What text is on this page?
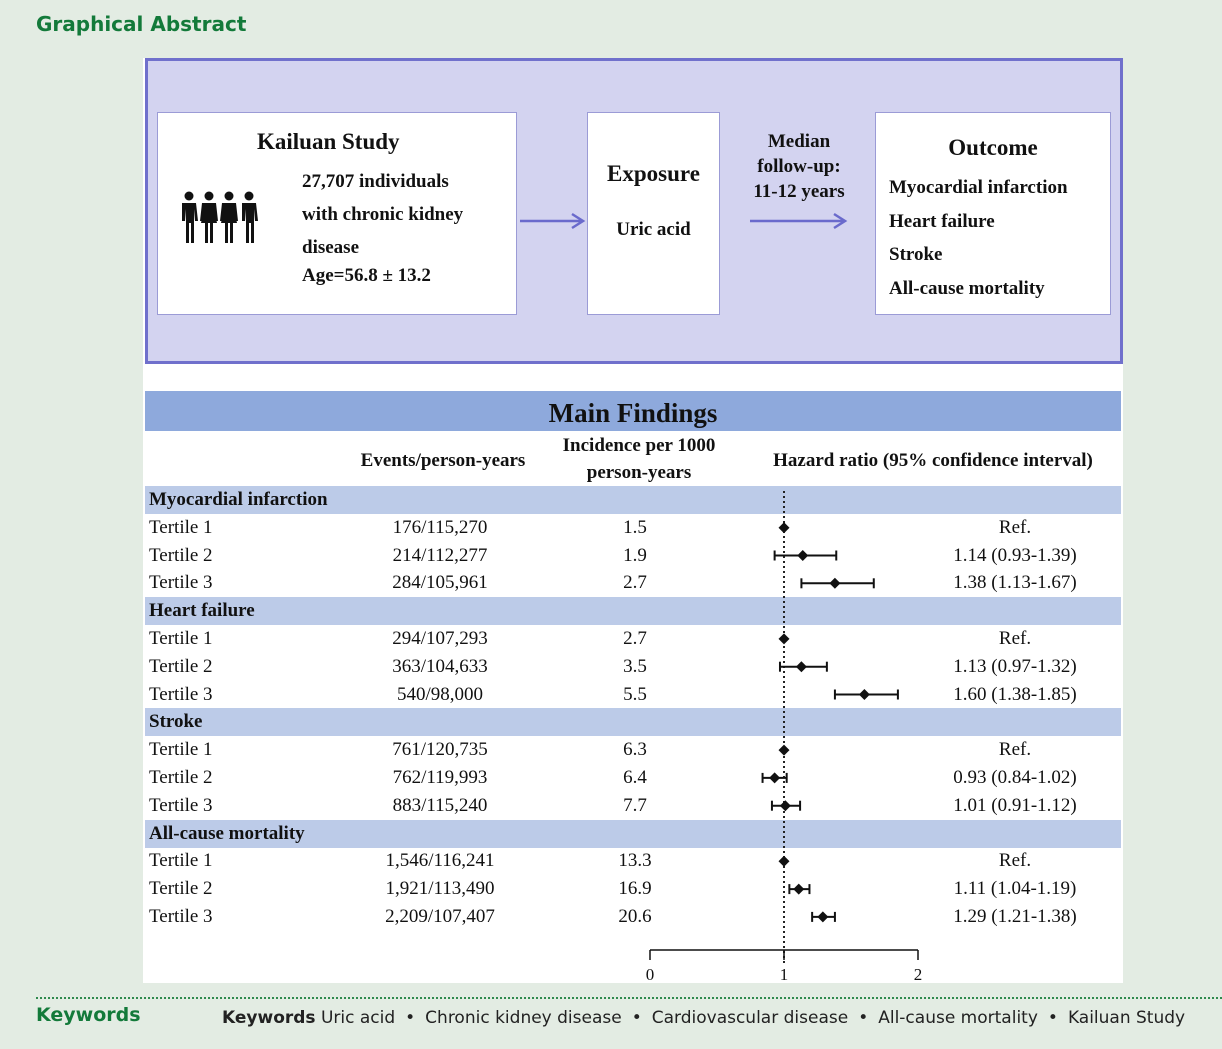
Graphical Abstract
Kailuan Study
27,707 individuals
with chronic kidney
disease
Age=56.8 ± 13.2
Exposure
Uric acid
Median
follow-up:
11-12 years
Outcome
Myocardial infarction
Heart failure
Stroke
All-cause mortality
Main Findings
Events/person-years
Incidence per 1000
person-years
Hazard ratio (95% confidence interval)
Myocardial infarction
Tertile 1	176/115,270	1.5	Ref.
Tertile 2	214/112,277	1.9	1.14 (0.93-1.39)
Tertile 3	284/105,961	2.7	1.38 (1.13-1.67)
Heart failure
Tertile 1	294/107,293	2.7	Ref.
Tertile 2	363/104,633	3.5	1.13 (0.97-1.32)
Tertile 3	540/98,000	5.5	1.60 (1.38-1.85)
Stroke
Tertile 1	761/120,735	6.3	Ref.
Tertile 2	762/119,993	6.4	0.93 (0.84-1.02)
Tertile 3	883/115,240	7.7	1.01 (0.91-1.12)
All-cause mortality
Tertile 1	1,546/116,241	13.3	Ref.
Tertile 2	1,921/113,490	16.9	1.11 (1.04-1.19)
Tertile 3	2,209/107,407	20.6	1.29 (1.21-1.38)
0	1	2
Keywords	Keywords Uric acid • Chronic kidney disease • Cardiovascular disease • All-cause mortality • Kailuan Study
